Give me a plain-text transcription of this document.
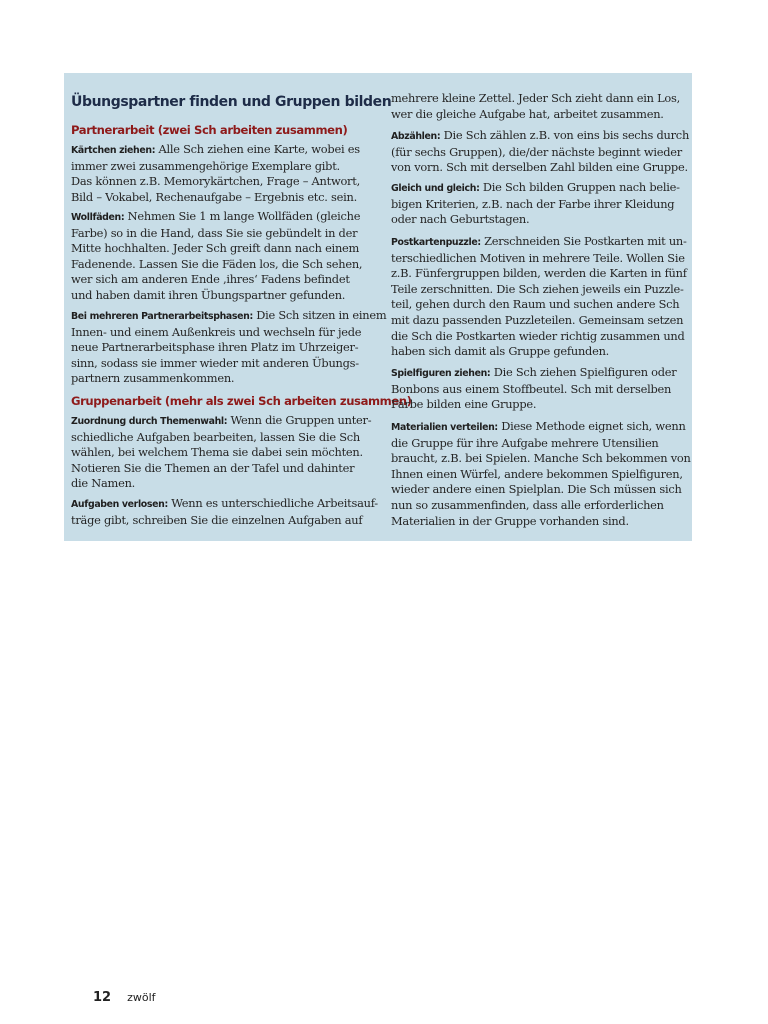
Übungspartner finden und Gruppen bilden
Partnerarbeit (zwei Sch arbeiten zusammen)

Kärtchen ziehen: Alle Sch ziehen eine Karte, wobei es
immer zwei zusammengehörige Exemplare gibt.
Das können z.B. Memorykärtchen, Frage – Antwort,
Bild – Vokabel, Rechenaufgabe – Ergebnis etc. sein.

Wollfäden: Nehmen Sie 1 m lange Wollfäden (gleiche
Farbe) so in die Hand, dass Sie sie gebündelt in der
Mitte hochhalten. Jeder Sch greift dann nach einem
Fadenende. Lassen Sie die Fäden los, die Sch sehen,
wer sich am anderen Ende ‚ihres‘ Fadens befindet
und haben damit ihren Übungspartner gefunden.

Bei mehreren Partnerarbeitsphasen: Die Sch sitzen in einem
Innen- und einem Außenkreis und wechseln für jede
neue Partnerarbeitsphase ihren Platz im Uhrzeiger-
sinn, sodass sie immer wieder mit anderen Übungs-
partnern zusammenkommen.

Gruppenarbeit (mehr als zwei Sch arbeiten zusammen)

Zuordnung durch Themenwahl: Wenn die Gruppen unter-
schiedliche Aufgaben bearbeiten, lassen Sie die Sch
wählen, bei welchem Thema sie dabei sein möchten.
Notieren Sie die Themen an der Tafel und dahinter
die Namen.

Aufgaben verlosen: Wenn es unterschiedliche Arbeitsauf-
träge gibt, schreiben Sie die einzelnen Aufgaben auf

mehrere kleine Zettel. Jeder Sch zieht dann ein Los,
wer die gleiche Aufgabe hat, arbeitet zusammen.

Abzählen: Die Sch zählen z.B. von eins bis sechs durch
(für sechs Gruppen), die/der nächste beginnt wieder
von vorn. Sch mit derselben Zahl bilden eine Gruppe.

Gleich und gleich: Die Sch bilden Gruppen nach belie-
bigen Kriterien, z.B. nach der Farbe ihrer Kleidung
oder nach Geburtstagen.

Postkartenpuzzle: Zerschneiden Sie Postkarten mit un-
terschiedlichen Motiven in mehrere Teile. Wollen Sie
z.B. Fünfergruppen bilden, werden die Karten in fünf
Teile zerschnitten. Die Sch ziehen jeweils ein Puzzle-
teil, gehen durch den Raum und suchen andere Sch
mit dazu passenden Puzzleteilen. Gemeinsam setzen
die Sch die Postkarten wieder richtig zusammen und
haben sich damit als Gruppe gefunden.

Spielfiguren ziehen: Die Sch ziehen Spielfiguren oder
Bonbons aus einem Stoffbeutel. Sch mit derselben
Farbe bilden eine Gruppe.

Materialien verteilen: Diese Methode eignet sich, wenn
die Gruppe für ihre Aufgabe mehrere Utensilien
braucht, z.B. bei Spielen. Manche Sch bekommen von
Ihnen einen Würfel, andere bekommen Spielfiguren,
wieder andere einen Spielplan. Die Sch müssen sich
nun so zusammenfinden, dass alle erforderlichen
Materialien in der Gruppe vorhanden sind.

12 zwölf
